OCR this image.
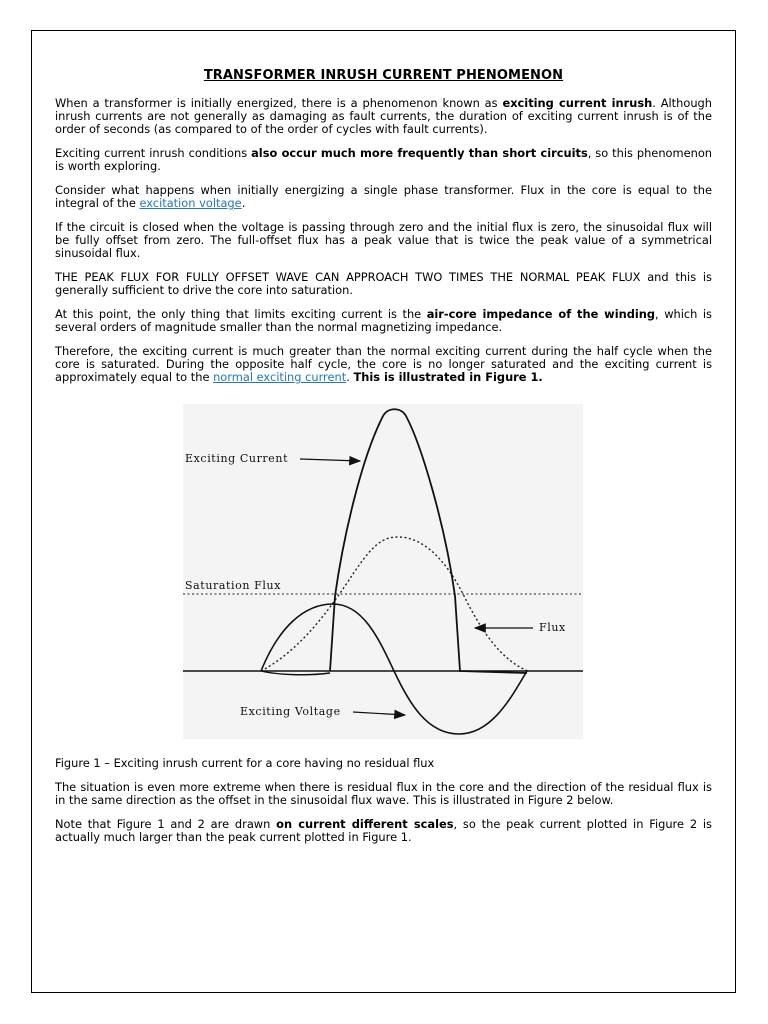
TRANSFORMER INRUSH CURRENT PHENOMENON

When a transformer is initially energized, there is a phenomenon known as exciting current inrush. Although inrush currents are not generally as damaging as fault currents, the duration of exciting current inrush is of the order of seconds (as compared to of the order of cycles with fault currents).

Exciting current inrush conditions also occur much more frequently than short circuits, so this phenomenon is worth exploring.

Consider what happens when initially energizing a single phase transformer. Flux in the core is equal to the integral of the excitation voltage.

If the circuit is closed when the voltage is passing through zero and the initial flux is zero, the sinusoidal flux will be fully offset from zero. The full-offset flux has a peak value that is twice the peak value of a symmetrical sinusoidal flux.

THE PEAK FLUX FOR FULLY OFFSET WAVE CAN APPROACH TWO TIMES THE NORMAL PEAK FLUX and this is generally sufficient to drive the core into saturation.

At this point, the only thing that limits exciting current is the air-core impedance of the winding, which is several orders of magnitude smaller than the normal magnetizing impedance.

Therefore, the exciting current is much greater than the normal exciting current during the half cycle when the core is saturated. During the opposite half cycle, the core is no longer saturated and the exciting current is approximately equal to the normal exciting current. This is illustrated in Figure 1.

Exciting Current
Saturation Flux
Flux
Exciting Voltage

Figure 1 – Exciting inrush current for a core having no residual flux

The situation is even more extreme when there is residual flux in the core and the direction of the residual flux is in the same direction as the offset in the sinusoidal flux wave. This is illustrated in Figure 2 below.

Note that Figure 1 and 2 are drawn on current different scales, so the peak current plotted in Figure 2 is actually much larger than the peak current plotted in Figure 1.
